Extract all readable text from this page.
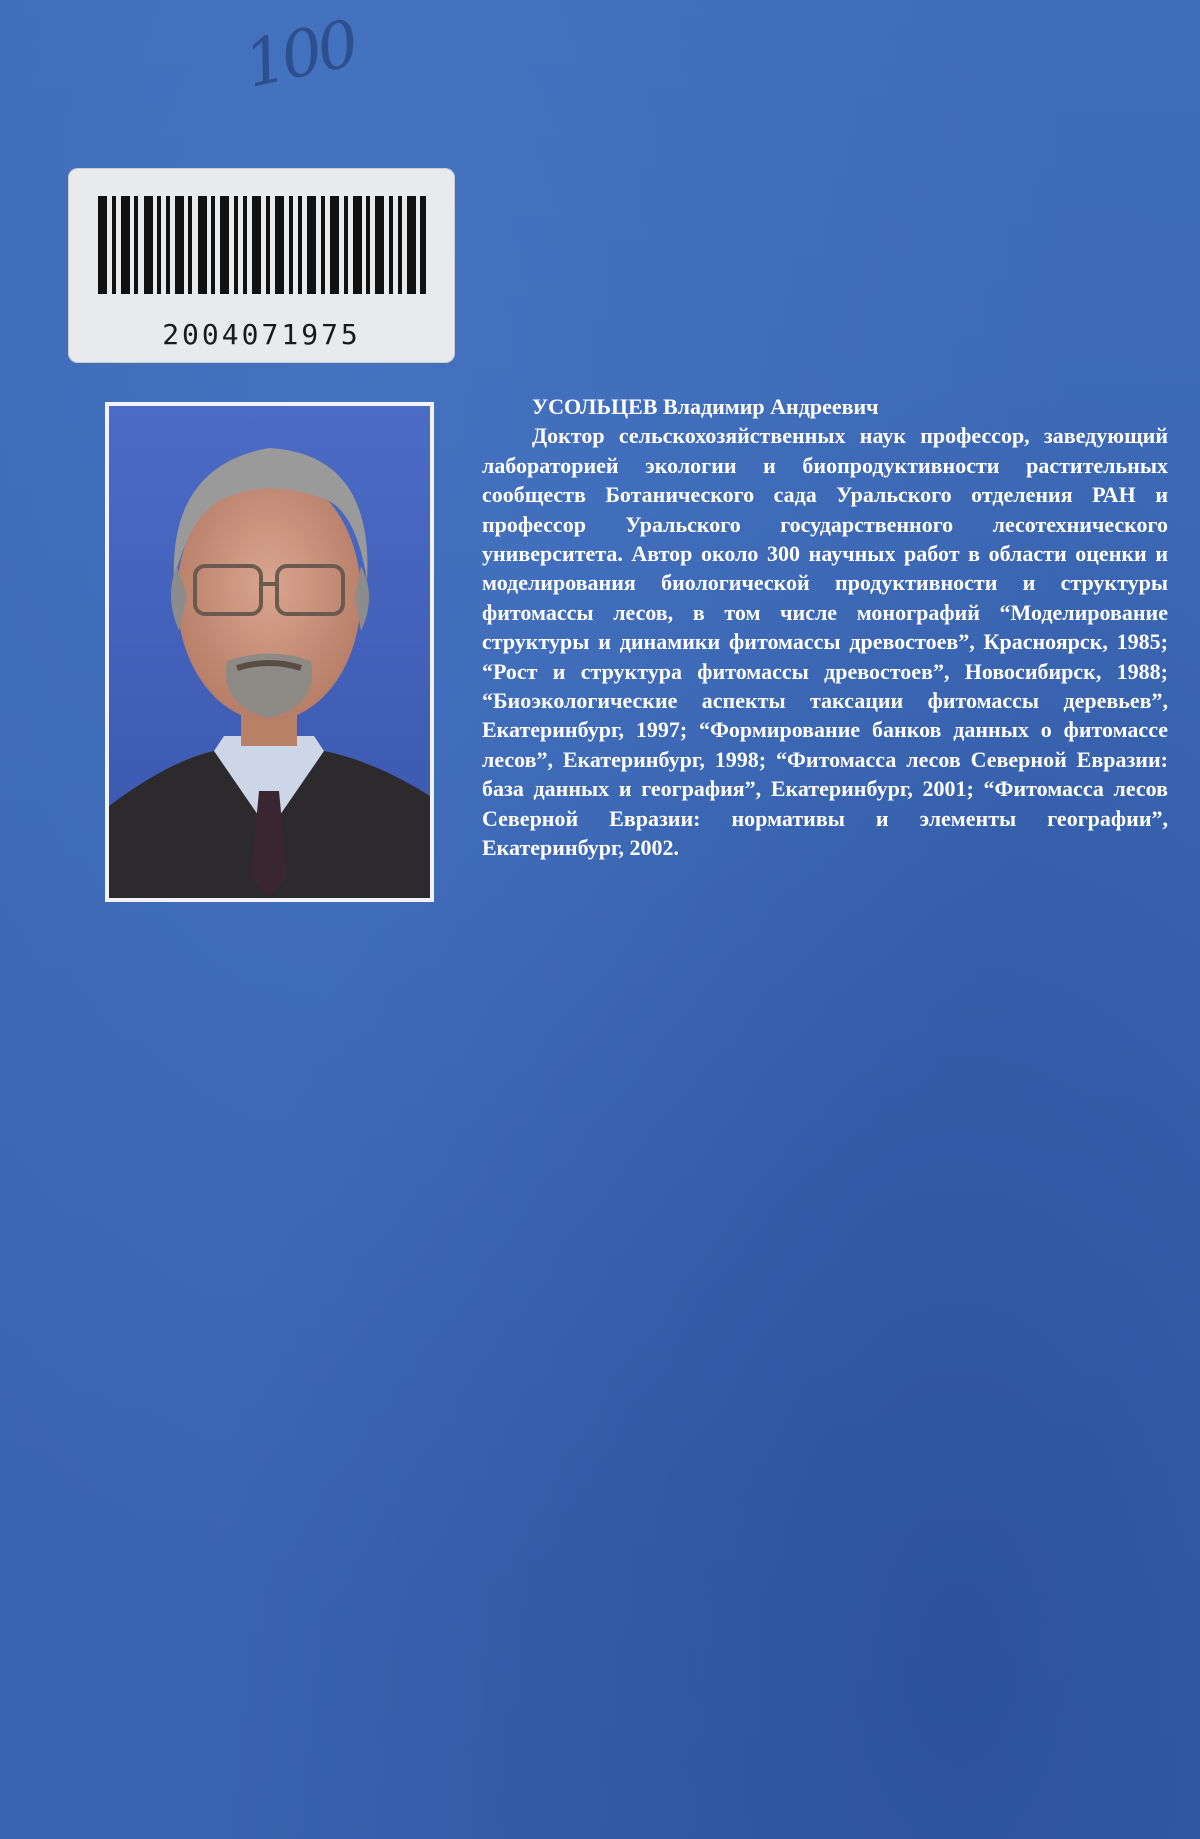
100
2004071975

УСОЛЬЦЕВ Владимир Андреевич

Доктор сельскохозяйственных наук профессор, заведующий лабораторией экологии и биопродуктивности растительных сообществ Ботанического сада Уральского отделения РАН и профессор Уральского государственного лесотехнического университета. Автор около 300 научных работ в области оценки и моделирования биологической продуктивности и структуры фитомассы лесов, в том числе монографий “Моделирование структуры и динамики фитомассы древостоев”, Красноярск, 1985; “Рост и структура фитомассы древостоев”, Новосибирск, 1988; “Биоэкологические аспекты таксации фитомассы деревьев”, Екатеринбург, 1997; “Формирование банков данных о фитомассе лесов”, Екатеринбург, 1998; “Фитомасса лесов Северной Евразии: база данных и география”, Екатеринбург, 2001; “Фитомасса лесов Северной Евразии: нормативы и элементы географии”, Екатеринбург, 2002.
